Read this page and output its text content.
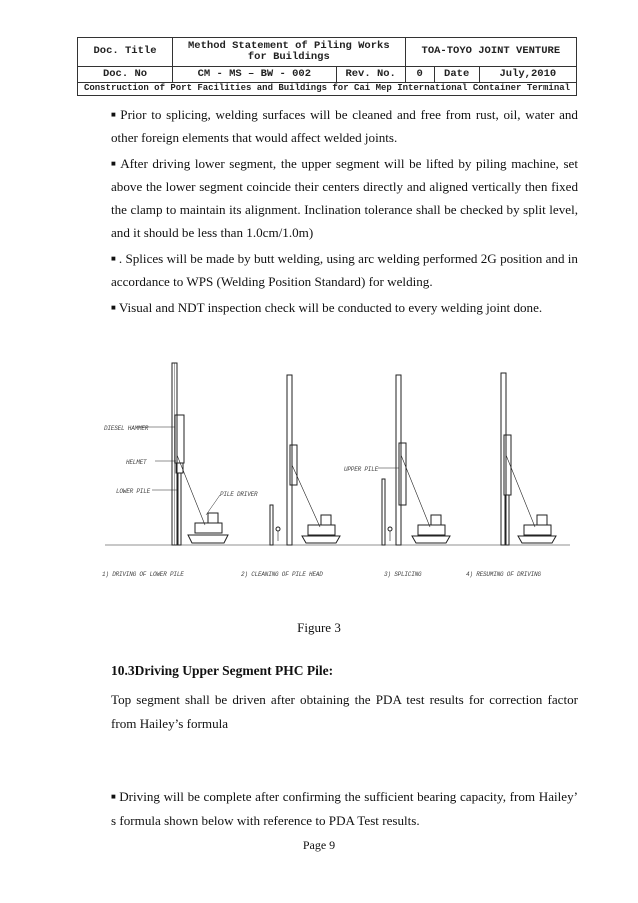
Doc. Title	Method Statement of Piling Works for Buildings		TOA-TOYO JOINT VENTURE		
Doc. No	CM - MS – BW - 002	Rev. No.	0	Date	July,2010
Construction of Port Facilities and Buildings for Cai Mep International Container Terminal					

■ Prior to splicing, welding surfaces will be cleaned and free from rust, oil, water and other foreign elements that would affect welded joints.

■ After driving lower segment, the upper segment will be lifted by piling machine, set above the lower segment coincide their centers directly and aligned vertically then fixed the clamp to maintain its alignment. Inclination tolerance shall be checked by split level, and it should be less than 1.0cm/1.0m)

■ . Splices will be made by butt welding, using arc welding performed 2G position and in accordance to WPS (Welding Position Standard) for welding.

■ Visual and NDT inspection check will be conducted to every welding joint done.

DIESEL HAMMER
HELMET
LOWER PILE	PILE DRIVER
UPPER PILE
1) DRIVING OF LOWER PILE	2) CLEANING OF PILE HEAD	3) SPLICING	4) RESUMING OF DRIVING
Figure 3
10.3Driving Upper Segment PHC Pile:
Top segment shall be driven after obtaining the PDA test results for correction factor from Hailey’s formula
■ Driving will be complete after confirming the sufficient bearing capacity, from Hailey’ s formula shown below with reference to PDA Test results.
Page 9
